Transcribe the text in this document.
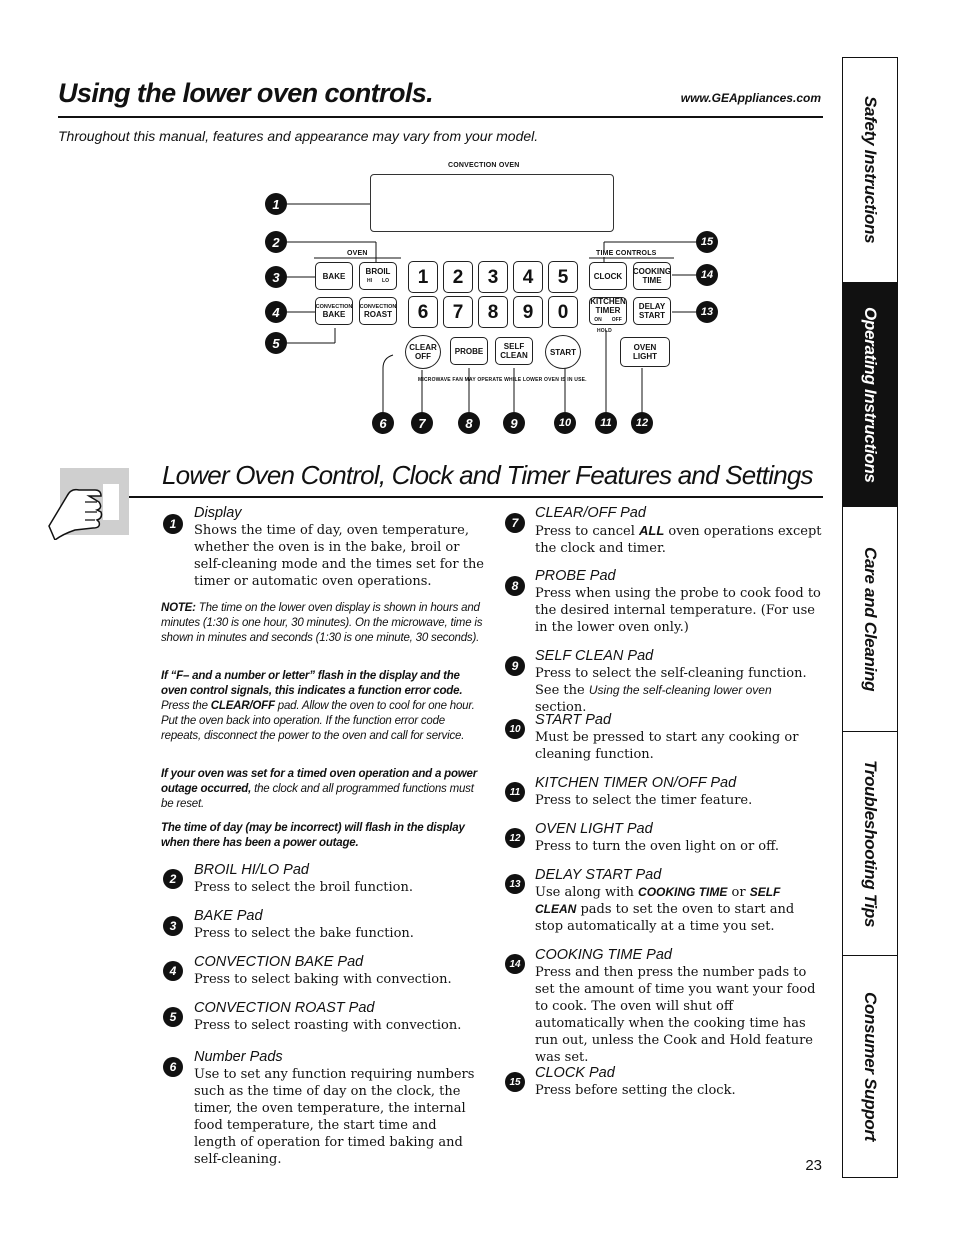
Using the lower oven controls.	www.GEAppliances.com
Throughout this manual, features and appearance may vary from your model.	Safety Instructions
Operating Instructions
Care and Cleaning
Troubleshooting Tips
Consumer Support
CONVECTION OVEN
OVEN	TIME CONTROLS
BAKE
BROIL
HI LO
CONVECTION
BAKE
CONVECTION
ROAST
1 2 3 4 5
6 7 8 9 0
CLOCK COOKING
TIME
KITCHEN
TIMER
ON OFF
HOLD
DELAY
START
CLEAR
OFF
PROBE	SELF
CLEAN	START	OVEN
LIGHT
MICROWAVE FAN MAY OPERATE WHILE LOWER OVEN IS IN USE.
1
2
3
4
5
6	7	8	9	10	11	12
13
14
15
Lower Oven Control, Clock and Timer Features and Settings
1
Display
Shows the time of day, oven temperature, whether the oven is in the bake, broil or self-cleaning mode and the times set for the timer or automatic oven operations.
NOTE: The time on the lower oven display is shown in hours and minutes (1:30 is one hour, 30 minutes). On the microwave, time is shown in minutes and seconds (1:30 is one minute, 30 seconds).
If “F– and a number or letter” flash in the display and the oven control signals, this indicates a function error code. Press the CLEAR/OFF pad. Allow the oven to cool for one hour. Put the oven back into operation. If the function error code repeats, disconnect the power to the oven and call for service.
If your oven was set for a timed oven operation and a power outage occurred, the clock and all programmed functions must be reset.
The time of day (may be incorrect) will flash in the display when there has been a power outage.
2
BROIL HI/LO Pad
Press to select the broil function.
3
BAKE Pad
Press to select the bake function.
4
CONVECTION BAKE Pad
Press to select baking with convection.
5
CONVECTION ROAST Pad
Press to select roasting with convection.
6
Number Pads
Use to set any function requiring numbers such as the time of day on the clock, the timer, the oven temperature, the internal food temperature, the start time and length of operation for timed baking and self-cleaning.
7
CLEAR/OFF Pad
Press to cancel ALL oven operations except the clock and timer.
8
PROBE Pad
Press when using the probe to cook food to the desired internal temperature. (For use in the lower oven only.)
9
SELF CLEAN Pad
Press to select the self-cleaning function. See the Using the self-cleaning lower oven section.
10
START Pad
Must be pressed to start any cooking or cleaning function.
11
KITCHEN TIMER ON/OFF Pad
Press to select the timer feature.
12
OVEN LIGHT Pad
Press to turn the oven light on or off.
13
DELAY START Pad
Use along with COOKING TIME or SELF CLEAN pads to set the oven to start and stop automatically at a time you set.
14
COOKING TIME Pad
Press and then press the number pads to set the amount of time you want your food to cook. The oven will shut off automatically when the cooking time has run out, unless the Cook and Hold feature was set.
15
CLOCK Pad
Press before setting the clock.
23
